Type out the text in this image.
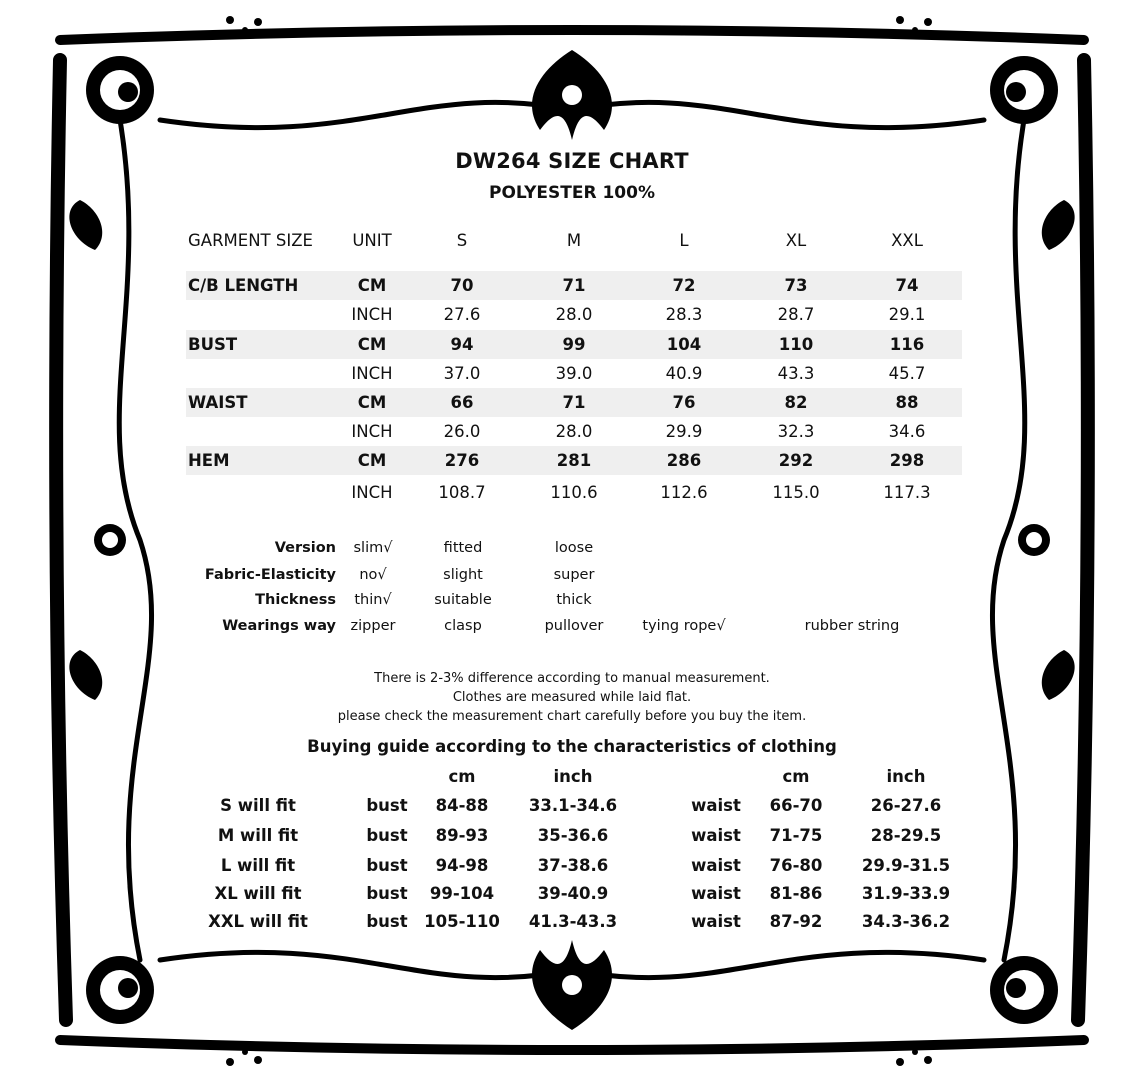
DW264 SIZE CHART
POLYESTER 100%
GARMENT SIZE UNIT	S	M	L	XL	XXL
C/B LENGTH	CM	70	71	72	73	74
INCH	27.6	28.0	28.3	28.7	29.1
BUST	CM	94	99	104	110	116
INCH	37.0	39.0	40.9	43.3	45.7
WAIST	CM	66	71	76	82	88
INCH	26.0	28.0	29.9	32.3	34.6
HEM	CM	276	281	286	292	298
INCH	108.7	110.6	112.6	115.0	117.3
Version slim√	fitted	loose
Fabric-Elasticity no√	slight	super
Thickness thin√	suitable	thick
Wearings way zipper	clasp	pullover	tying rope√	rubber string
There is 2-3% difference according to manual measurement.
Clothes are measured while laid flat.
please check the measurement chart carefully before you buy the item.
Buying guide according to the characteristics of clothing
cm	inch	cm	inch
S will fit	bust 84-88 33.1-34.6	waist 66-70	26-27.6
M will fit	bust 89-93	35-36.6	waist 71-75	28-29.5
L will fit	bust 94-98	37-38.6	waist 76-80 29.9-31.5
XL will fit	bust 99-104	39-40.9	waist 81-86 31.9-33.9
XXL will fit	bust 105-110 41.3-43.3	waist 87-92 34.3-36.2
